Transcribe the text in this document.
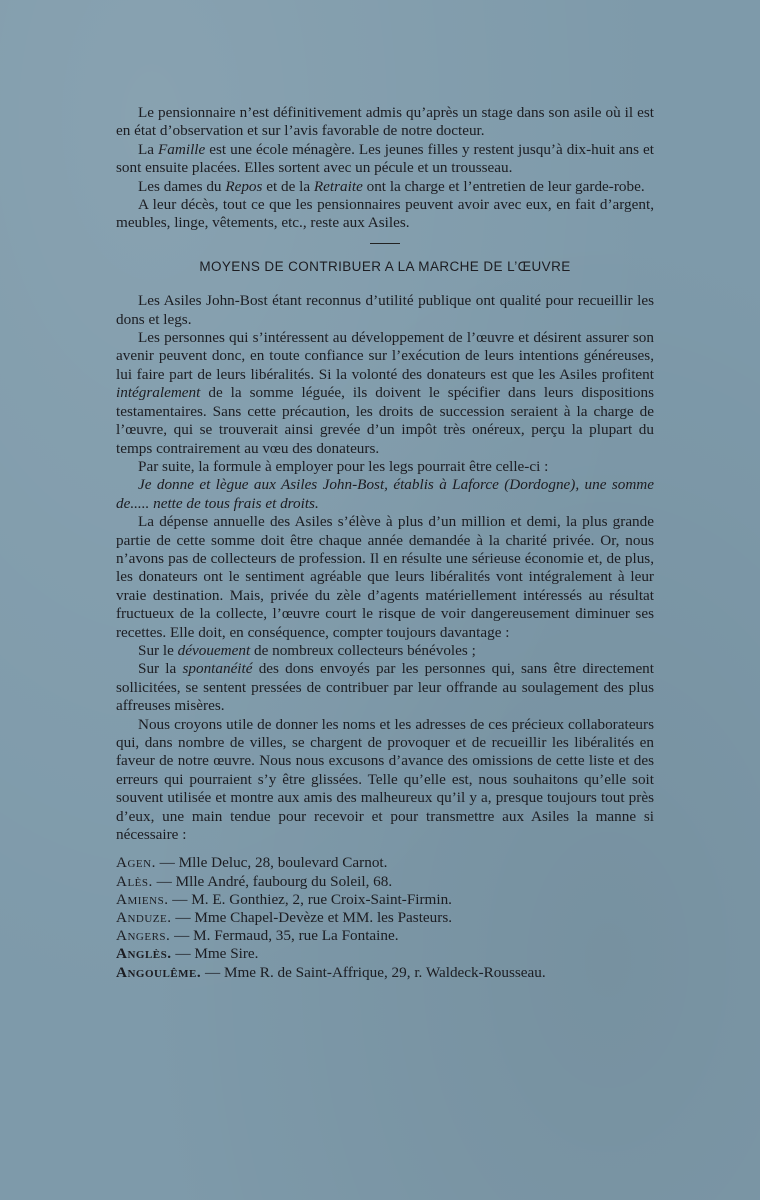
Le pensionnaire n’est définitivement admis qu’après un stage dans son asile où il est en état d’observation et sur l’avis favorable de notre docteur.

La Famille est une école ménagère. Les jeunes filles y restent jusqu’à dix-huit ans et sont ensuite placées. Elles sortent avec un pécule et un trousseau.

Les dames du Repos et de la Retraite ont la charge et l’entretien de leur garde-robe.

A leur décès, tout ce que les pensionnaires peuvent avoir avec eux, en fait d’argent, meubles, linge, vêtements, etc., reste aux Asiles.

MOYENS DE CONTRIBUER A LA MARCHE DE L’ŒUVRE

Les Asiles John-Bost étant reconnus d’utilité publique ont qualité pour recueillir les dons et legs.

Les personnes qui s’intéressent au développement de l’œuvre et désirent assurer son avenir peuvent donc, en toute confiance sur l’exécution de leurs intentions généreuses, lui faire part de leurs libéralités. Si la volonté des donateurs est que les Asiles profitent intégralement de la somme léguée, ils doivent le spécifier dans leurs dispositions testamentaires. Sans cette précaution, les droits de succession seraient à la charge de l’œuvre, qui se trouverait ainsi grevée d’un impôt très onéreux, perçu la plupart du temps contrairement au vœu des donateurs.

Par suite, la formule à employer pour les legs pourrait être celle-ci :

Je donne et lègue aux Asiles John-Bost, établis à Laforce (Dordogne), une somme de..... nette de tous frais et droits.

La dépense annuelle des Asiles s’élève à plus d’un million et demi, la plus grande partie de cette somme doit être chaque année demandée à la charité privée. Or, nous n’avons pas de collecteurs de profession. Il en résulte une sérieuse économie et, de plus, les donateurs ont le sentiment agréable que leurs libéralités vont intégralement à leur vraie destination. Mais, privée du zèle d’agents matériellement intéressés au résultat fructueux de la collecte, l’œuvre court le risque de voir dangereusement diminuer ses recettes. Elle doit, en conséquence, compter toujours davantage :

Sur le dévouement de nombreux collecteurs bénévoles ;

Sur la spontanéité des dons envoyés par les personnes qui, sans être directement sollicitées, se sentent pressées de contribuer par leur offrande au soulagement des plus affreuses misères.

Nous croyons utile de donner les noms et les adresses de ces précieux collaborateurs qui, dans nombre de villes, se chargent de provoquer et de recueillir les libéralités en faveur de notre œuvre. Nous nous excusons d’avance des omissions de cette liste et des erreurs qui pourraient s’y être glissées. Telle qu’elle est, nous souhaitons qu’elle soit souvent utilisée et montre aux amis des malheureux qu’il y a, presque toujours tout près d’eux, une main tendue pour recevoir et pour transmettre aux Asiles la manne si nécessaire :

Agen. — Mlle Deluc, 28, boulevard Carnot.

Alès. — Mlle André, faubourg du Soleil, 68.

Amiens. — M. E. Gonthiez, 2, rue Croix-Saint-Firmin.

Anduze. — Mme Chapel-Devèze et MM. les Pasteurs.

Angers. — M. Fermaud, 35, rue La Fontaine.

Anglès. — Mme Sire.

Angoulême. — Mme R. de Saint-Affrique, 29, r. Waldeck-Rousseau.
